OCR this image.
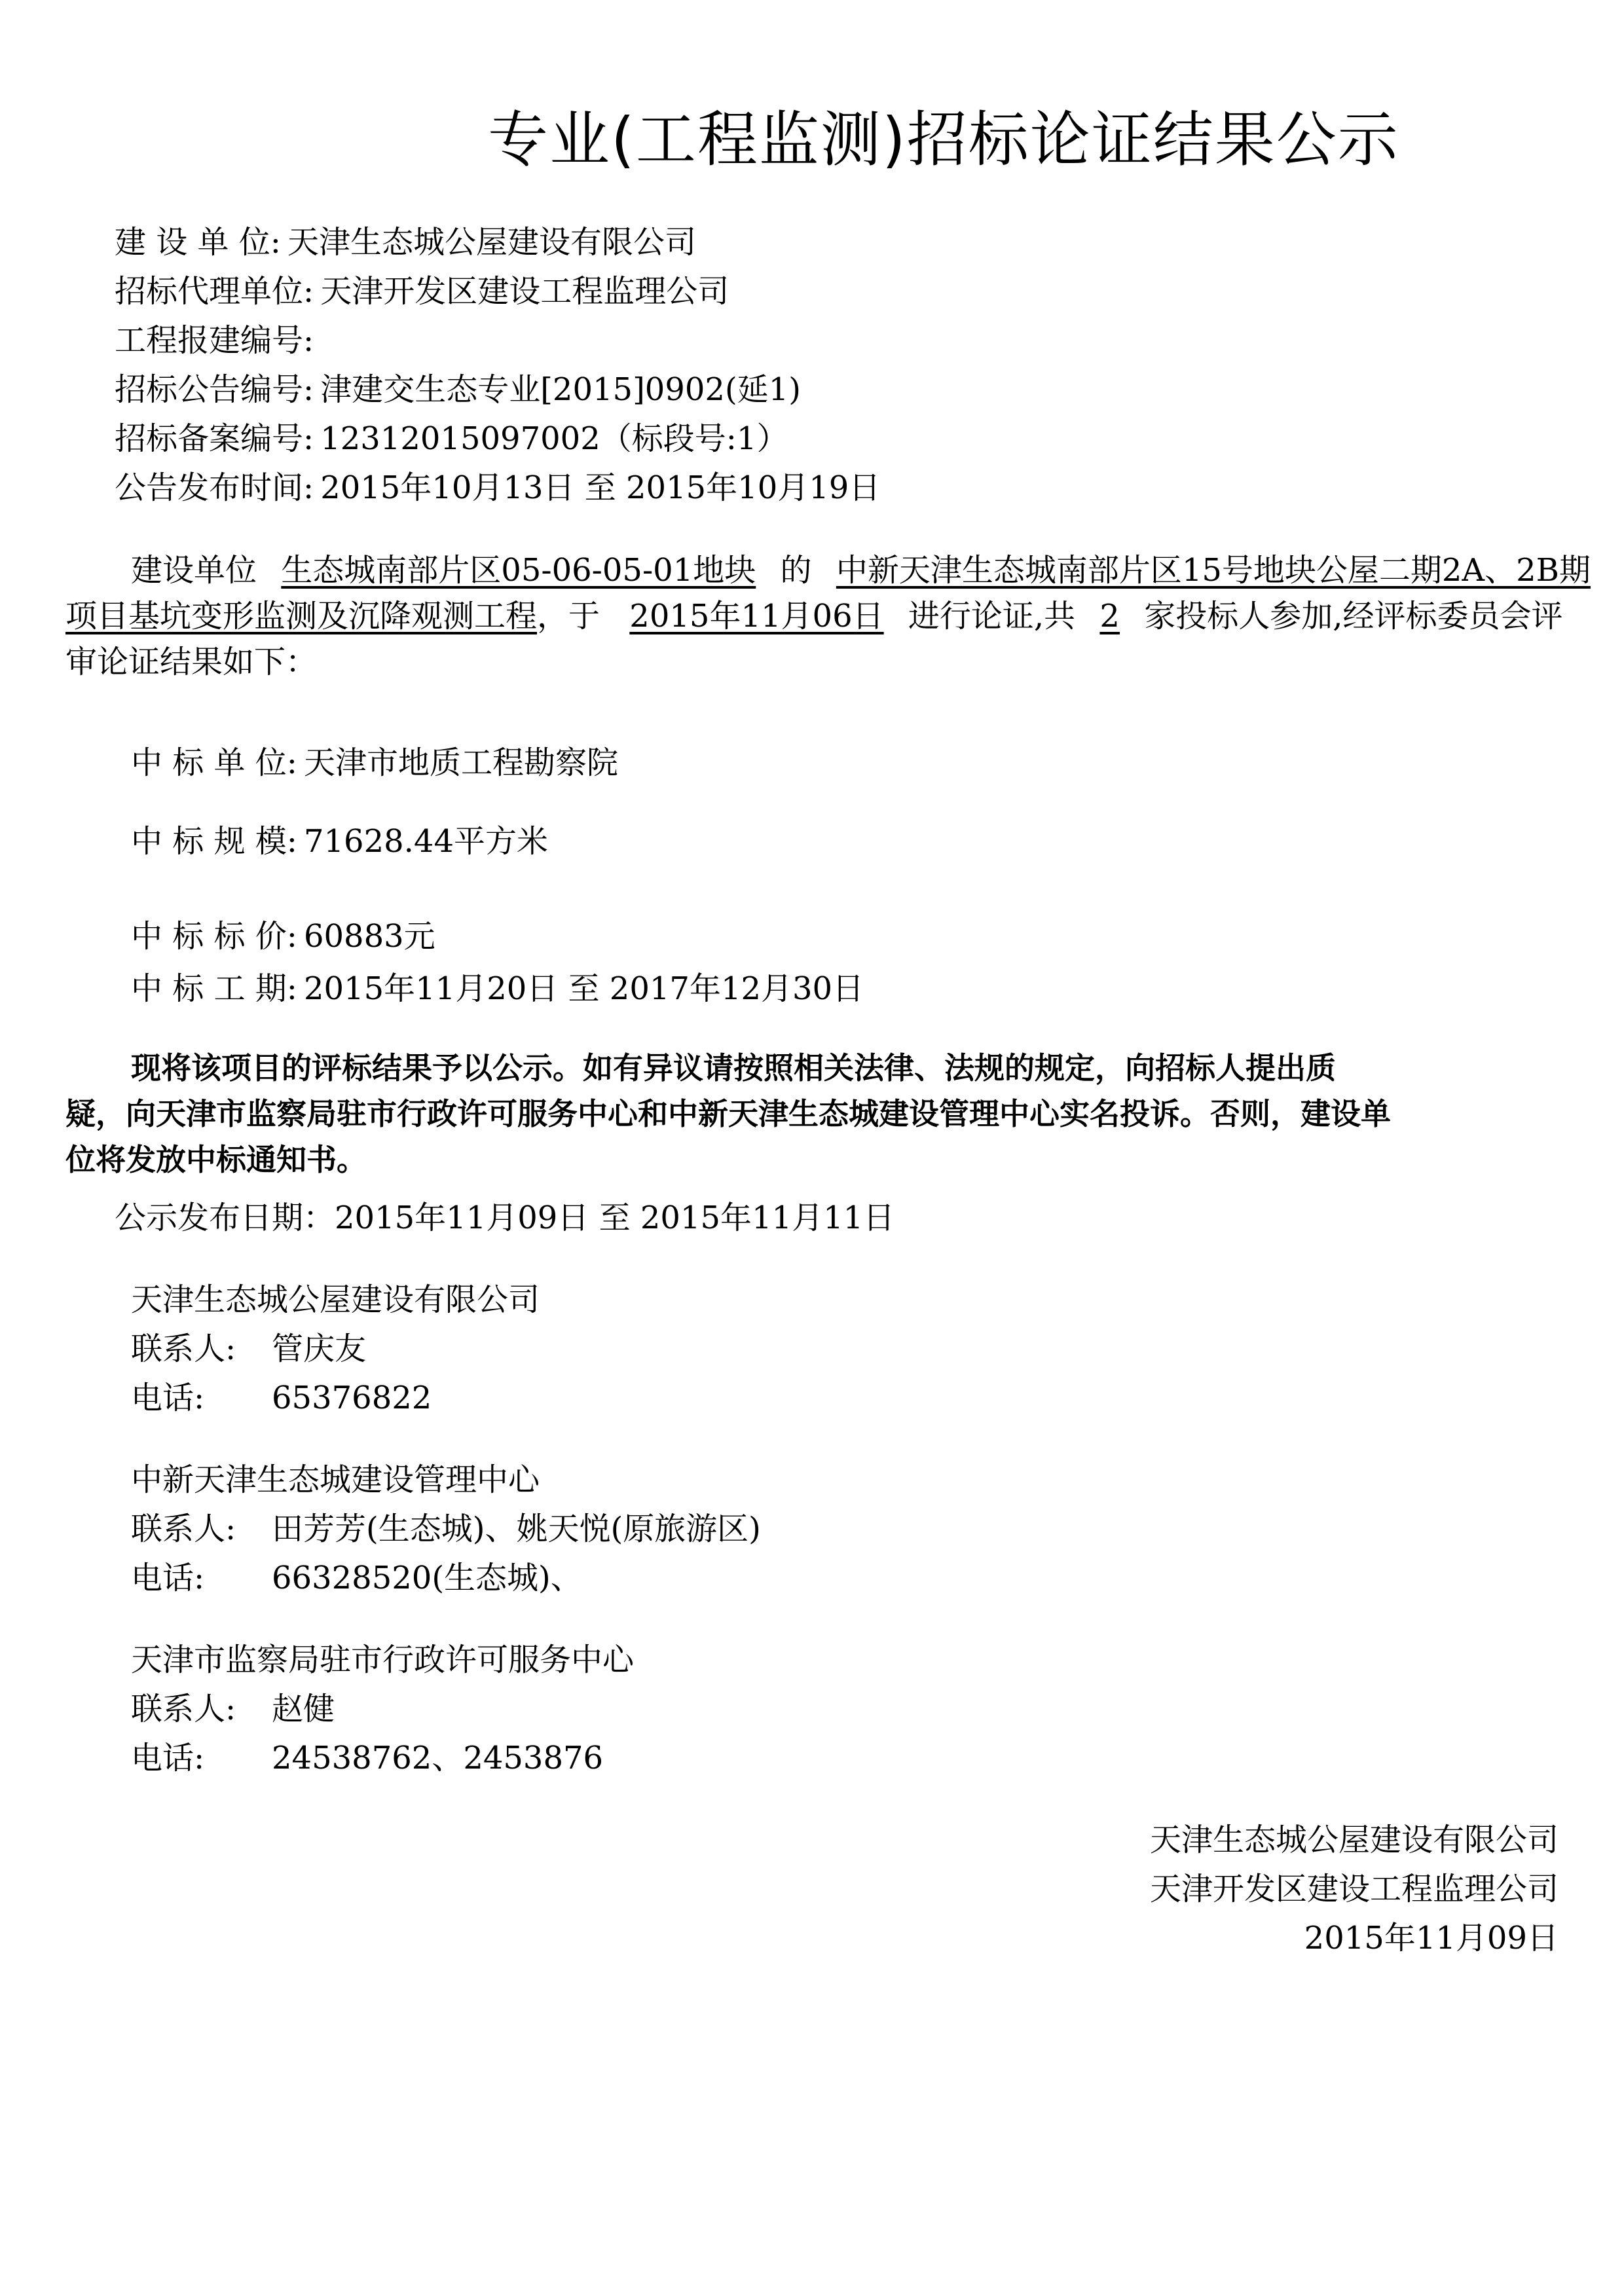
专业(工程监测)招标论证结果公示
建 设 单 位: 天津生态城公屋建设有限公司
招标代理单位: 天津开发区建设工程监理公司
工程报建编号:
招标公告编号: 津建交生态专业[2015]0902(延1)
招标备案编号: 12312015097002（标段号:1）
公告发布时间: 2015年10月13日 至 2015年10月19日
建设单位 生态城南部片区05-06-05-01地块 的 中新天津生态城南部片区15号地块公屋二期2A、2B期
项目基坑变形监测及沉降观测工程，于 2015年11月06日 进行论证,共 2 家投标人参加,经评标委员会评
审论证结果如下：
中 标 单 位: 天津市地质工程勘察院
中 标 规 模: 71628.44平方米
中 标 标 价: 60883元
中 标 工 期: 2015年11月20日 至 2017年12月30日
现将该项目的评标结果予以公示。如有异议请按照相关法律、法规的规定，向招标人提出质
疑，向天津市监察局驻市行政许可服务中心和中新天津生态城建设管理中心实名投诉。否则，建设单
位将发放中标通知书。
公示发布日期：2015年11月09日 至 2015年11月11日
天津生态城公屋建设有限公司
联系人: 管庆友
电话: 65376822
中新天津生态城建设管理中心
联系人: 田芳芳(生态城)、姚天悦(原旅游区)
电话: 66328520(生态城)、
天津市监察局驻市行政许可服务中心
联系人: 赵健
电话: 24538762、2453876
天津生态城公屋建设有限公司
天津开发区建设工程监理公司
2015年11月09日
